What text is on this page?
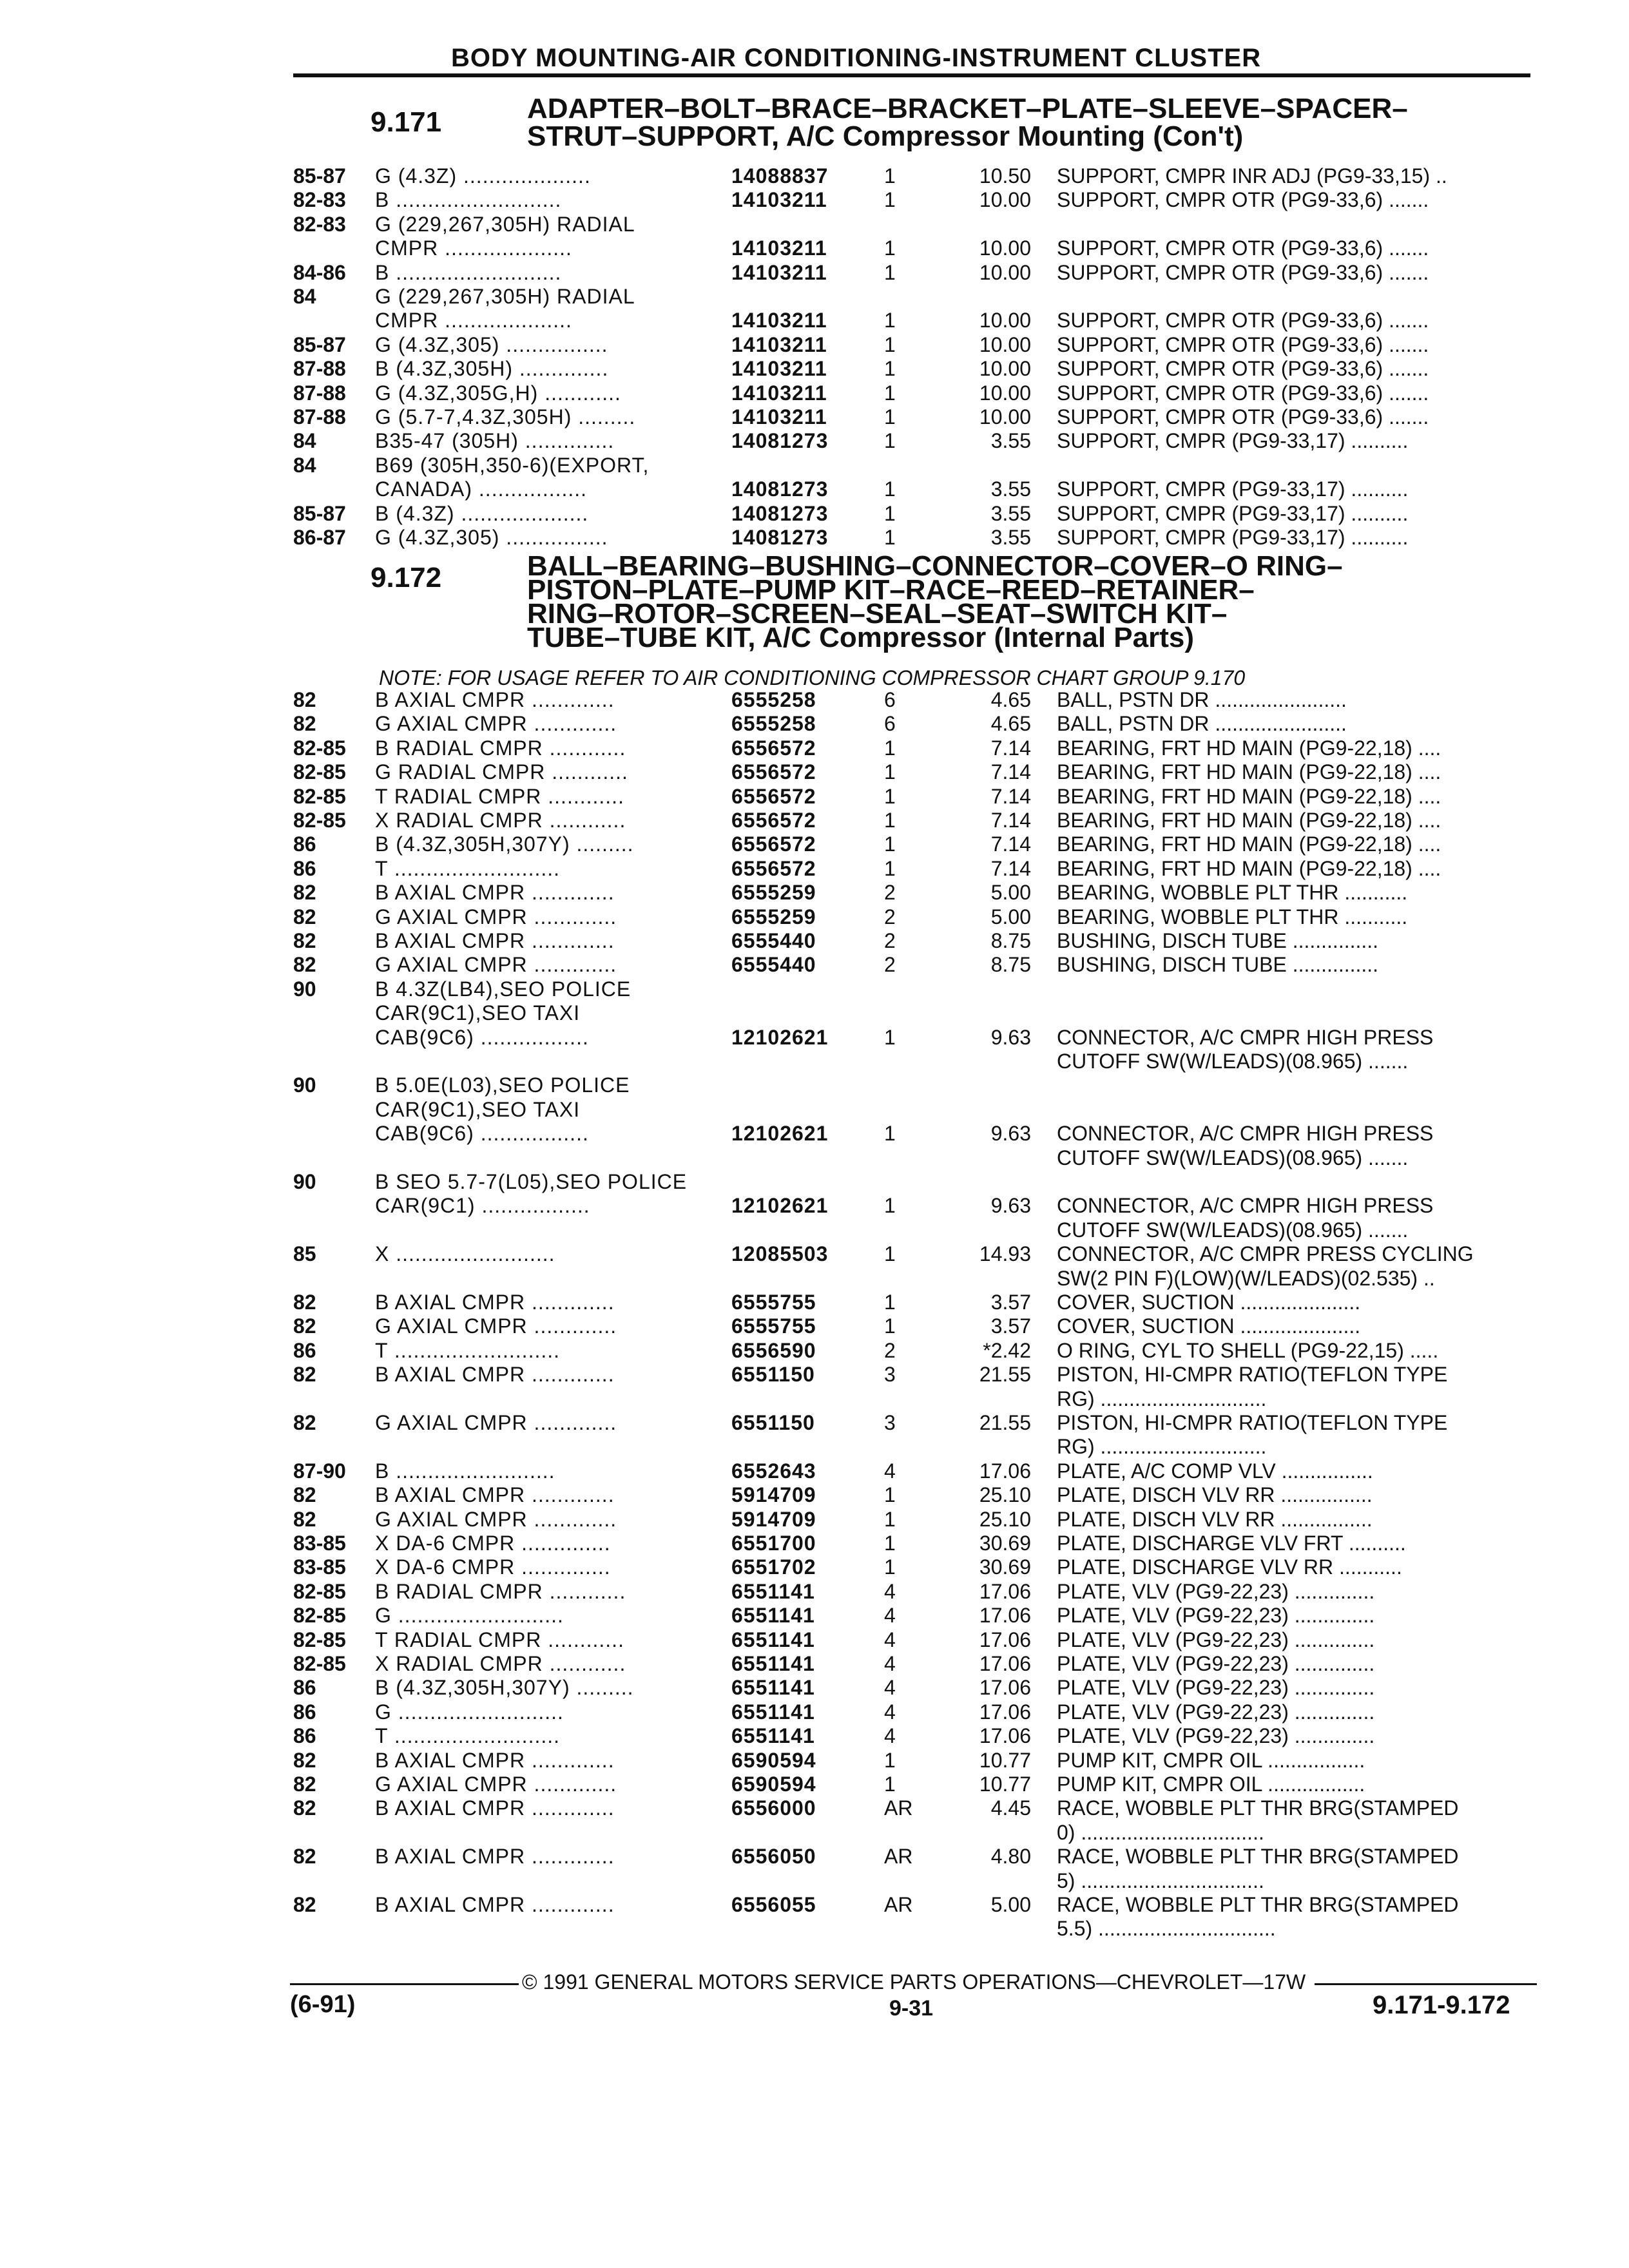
BODY MOUNTING-AIR CONDITIONING-INSTRUMENT CLUSTER
9.171	ADAPTER–BOLT–BRACE–BRACKET–PLATE–SLEEVE–SPACER–
STRUT–SUPPORT, A/C Compressor Mounting (Con't)
85-87 G (4.3Z) ....................	14088837	1	10.50 SUPPORT, CMPR INR ADJ (PG9-33,15) ..
82-83 B ..........................	14103211	1	10.00 SUPPORT, CMPR OTR (PG9-33,6) .......
82-83 G (229,267,305H) RADIAL
CMPR ....................	14103211	1	10.00 SUPPORT, CMPR OTR (PG9-33,6) .......
84-86 B ..........................	14103211	1	10.00 SUPPORT, CMPR OTR (PG9-33,6) .......
84	G (229,267,305H) RADIAL
CMPR ....................	14103211	1	10.00 SUPPORT, CMPR OTR (PG9-33,6) .......
85-87 G (4.3Z,305) ................	14103211	1	10.00 SUPPORT, CMPR OTR (PG9-33,6) .......
87-88 B (4.3Z,305H) ..............	14103211	1	10.00 SUPPORT, CMPR OTR (PG9-33,6) .......
87-88 G (4.3Z,305G,H) ............	14103211	1	10.00 SUPPORT, CMPR OTR (PG9-33,6) .......
87-88 G (5.7-7,4.3Z,305H) .........	14103211	1	10.00 SUPPORT, CMPR OTR (PG9-33,6) .......
84	B35-47 (305H) ..............	14081273	1	3.55 SUPPORT, CMPR (PG9-33,17) ..........
84	B69 (305H,350-6)(EXPORT,
CANADA) .................	14081273	1	3.55 SUPPORT, CMPR (PG9-33,17) ..........
85-87 B (4.3Z) ....................	14081273	1	3.55 SUPPORT, CMPR (PG9-33,17) ..........
86-87 G (4.3Z,305) ................	14081273	1	3.55 SUPPORT, CMPR (PG9-33,17) ..........
9.172	BALL–BEARING–BUSHING–CONNECTOR–COVER–O RING–
PISTON–PLATE–PUMP KIT–RACE–REED–RETAINER–
RING–ROTOR–SCREEN–SEAL–SEAT–SWITCH KIT–
TUBE–TUBE KIT, A/C Compressor (Internal Parts)
NOTE: FOR USAGE REFER TO AIR CONDITIONING COMPRESSOR CHART GROUP 9.170
82	B AXIAL CMPR .............	6555258	6	4.65 BALL, PSTN DR .......................
82	G AXIAL CMPR .............	6555258	6	4.65 BALL, PSTN DR .......................
82-85 B RADIAL CMPR ............	6556572	1	7.14 BEARING, FRT HD MAIN (PG9-22,18) ....
82-85 G RADIAL CMPR ............	6556572	1	7.14 BEARING, FRT HD MAIN (PG9-22,18) ....
82-85 T RADIAL CMPR ............	6556572	1	7.14 BEARING, FRT HD MAIN (PG9-22,18) ....
82-85 X RADIAL CMPR ............	6556572	1	7.14 BEARING, FRT HD MAIN (PG9-22,18) ....
86	B (4.3Z,305H,307Y) .........	6556572	1	7.14 BEARING, FRT HD MAIN (PG9-22,18) ....
86	T ..........................	6556572	1	7.14 BEARING, FRT HD MAIN (PG9-22,18) ....
82	B AXIAL CMPR .............	6555259	2	5.00 BEARING, WOBBLE PLT THR ...........
82	G AXIAL CMPR .............	6555259	2	5.00 BEARING, WOBBLE PLT THR ...........
82	B AXIAL CMPR .............	6555440	2	8.75 BUSHING, DISCH TUBE ...............
82	G AXIAL CMPR .............	6555440	2	8.75 BUSHING, DISCH TUBE ...............
90	B 4.3Z(LB4),SEO POLICE
CAR(9C1),SEO TAXI
CAB(9C6) .................	12102621	1	9.63 CONNECTOR, A/C CMPR HIGH PRESS
CUTOFF SW(W/LEADS)(08.965) .......
90	B 5.0E(L03),SEO POLICE
CAR(9C1),SEO TAXI
CAB(9C6) .................	12102621	1	9.63 CONNECTOR, A/C CMPR HIGH PRESS
CUTOFF SW(W/LEADS)(08.965) .......
90	B SEO 5.7-7(L05),SEO POLICE
CAR(9C1) .................	12102621	1	9.63 CONNECTOR, A/C CMPR HIGH PRESS
CUTOFF SW(W/LEADS)(08.965) .......
85	X .........................	12085503	1	14.93 CONNECTOR, A/C CMPR PRESS CYCLING
SW(2 PIN F)(LOW)(W/LEADS)(02.535) ..
82	B AXIAL CMPR .............	6555755	1	3.57 COVER, SUCTION .....................
82	G AXIAL CMPR .............	6555755	1	3.57 COVER, SUCTION .....................
86	T ..........................	6556590	2	*2.42 O RING, CYL TO SHELL (PG9-22,15) .....
82	B AXIAL CMPR .............	6551150	3	21.55 PISTON, HI-CMPR RATIO(TEFLON TYPE
RG) .............................
82	G AXIAL CMPR .............	6551150	3	21.55 PISTON, HI-CMPR RATIO(TEFLON TYPE
RG) .............................
87-90 B .........................	6552643	4	17.06 PLATE, A/C COMP VLV ................
82	B AXIAL CMPR .............	5914709	1	25.10 PLATE, DISCH VLV RR ................
82	G AXIAL CMPR .............	5914709	1	25.10 PLATE, DISCH VLV RR ................
83-85 X DA-6 CMPR ..............	6551700	1	30.69 PLATE, DISCHARGE VLV FRT ..........
83-85 X DA-6 CMPR ..............	6551702	1	30.69 PLATE, DISCHARGE VLV RR ...........
82-85 B RADIAL CMPR ............	6551141	4	17.06 PLATE, VLV (PG9-22,23) ..............
82-85 G ..........................	6551141	4	17.06 PLATE, VLV (PG9-22,23) ..............
82-85 T RADIAL CMPR ............	6551141	4	17.06 PLATE, VLV (PG9-22,23) ..............
82-85 X RADIAL CMPR ............	6551141	4	17.06 PLATE, VLV (PG9-22,23) ..............
86	B (4.3Z,305H,307Y) .........	6551141	4	17.06 PLATE, VLV (PG9-22,23) ..............
86	G ..........................	6551141	4	17.06 PLATE, VLV (PG9-22,23) ..............
86	T ..........................	6551141	4	17.06 PLATE, VLV (PG9-22,23) ..............
82	B AXIAL CMPR .............	6590594	1	10.77 PUMP KIT, CMPR OIL .................
82	G AXIAL CMPR .............	6590594	1	10.77 PUMP KIT, CMPR OIL .................
82	B AXIAL CMPR .............	6556000	AR	4.45 RACE, WOBBLE PLT THR BRG(STAMPED
0) ................................
82	B AXIAL CMPR .............	6556050	AR	4.80 RACE, WOBBLE PLT THR BRG(STAMPED
5) ................................
82	B AXIAL CMPR .............	6556055	AR	5.00 RACE, WOBBLE PLT THR BRG(STAMPED
5.5) ...............................
© 1991 GENERAL MOTORS SERVICE PARTS OPERATIONS—CHEVROLET—17W
(6-91)	9-31	9.171-9.172
